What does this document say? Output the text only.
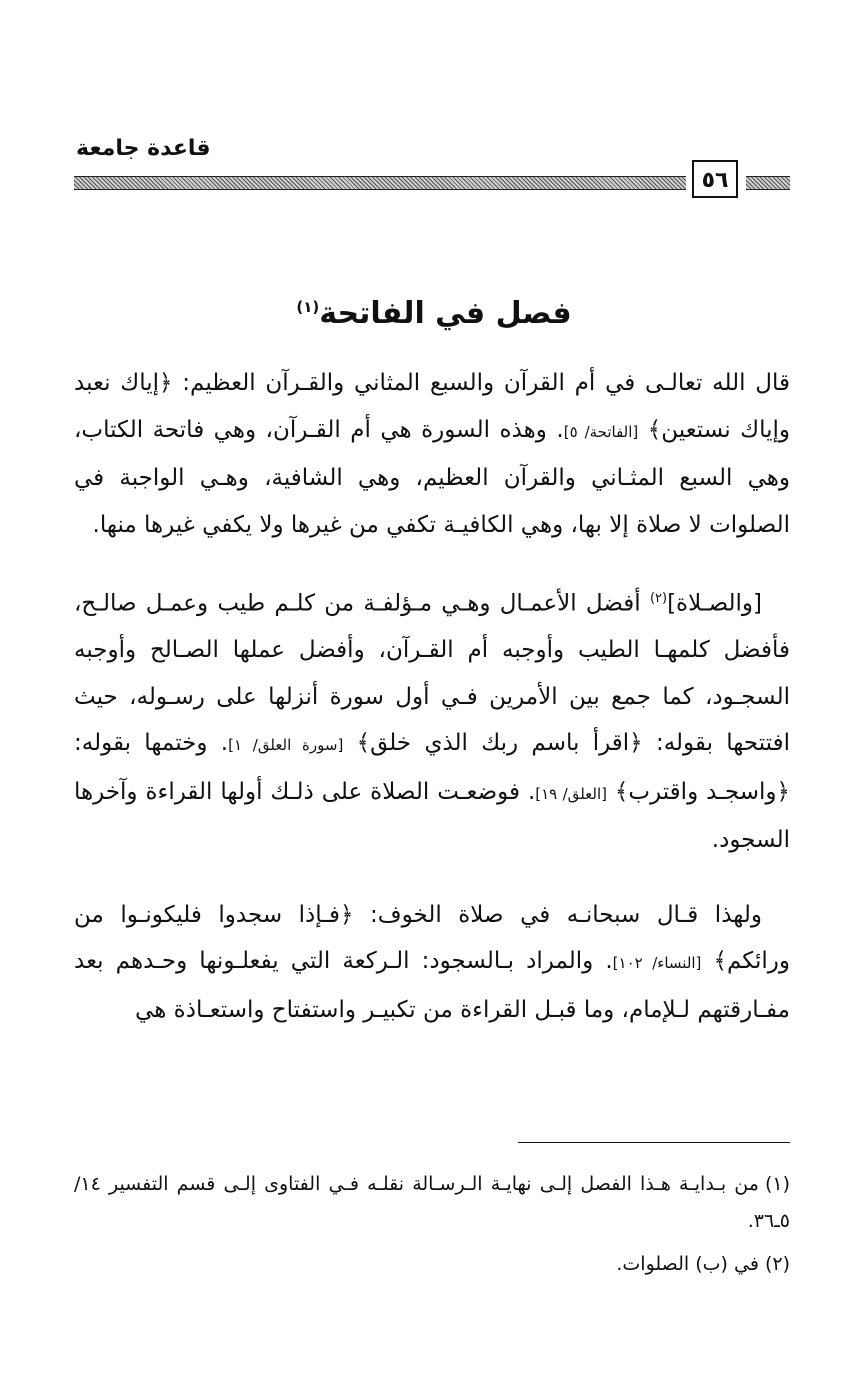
قاعدة جامعة
٥٦
فصل في الفاتحة$^{(١)}$

قال الله تعالـى في أم القرآن والسبع المثاني والقـرآن العظيم: ﴿إياك نعبد وإياك نستعين﴾ [الفاتحة/ ٥]. وهذه السورة هي أم القـرآن، وهي فاتحة الكتاب، وهي السبع المثـاني والقرآن العظيم، وهي الشافية، وهـي الواجبة في الصلوات لا صلاة إلا بها، وهي الكافيـة تكفي من غيرها ولا يكفي غيرها منها.

[والصـلاة]$^{(٢)}$ أفضل الأعمـال وهـي مـؤلفـة من كلـم طيب وعمـل صالـح، فأفضل كلمهـا الطيب وأوجبه أم القـرآن، وأفضل عملها الصـالح وأوجبه السجـود، كما جمع بين الأمرين فـي أول سورة أنزلها على رسـوله، حيث افتتحها بقوله: ﴿اقرأ باسم ربك الذي خلق﴾ [سورة العلق/ ١]. وختمها بقوله: ﴿واسجـد واقترب﴾ [العلق/ ١٩]. فوضعـت الصلاة على ذلـك أولها القراءة وآخرها السجود.

ولهذا قـال سبحانـه في صلاة الخوف: ﴿فـإذا سجدوا فليكونـوا من ورائكم﴾ [النساء/ ١٠٢]. والمراد بـالسجود: الـركعة التي يفعلـونها وحـدهم بعد مفـارقتهم لـلإمام، وما قبـل القراءة من تكبيـر واستفتاح واستعـاذة هي

(١)من بـدايـة هـذا الفصل إلـى نهايـة الـرسـالة نقلـه فـي الفتاوى إلـى قسم التفسير ١٤/ ٥ـ٣٦.
(٢)في (ب) الصلوات.
